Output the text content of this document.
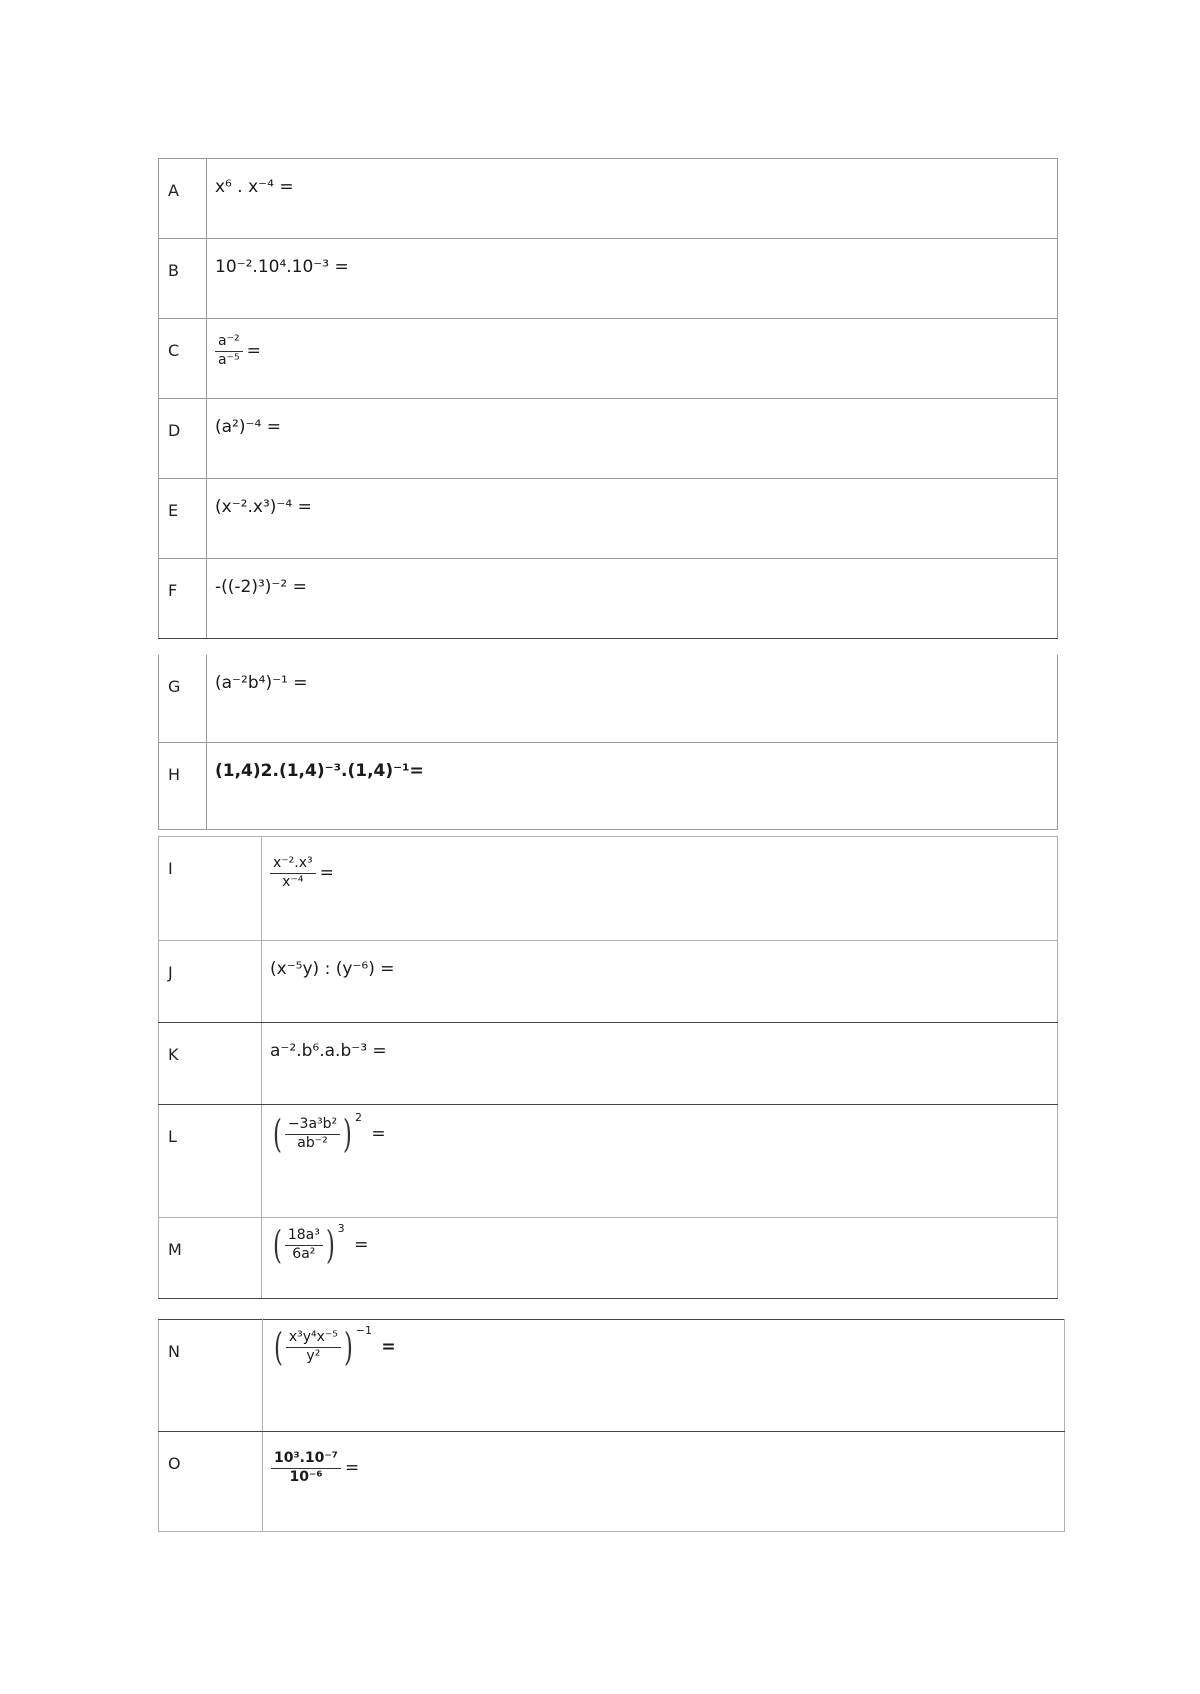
A	x⁶ . x⁻⁴ =
B	10⁻².10⁴.10⁻³ =
C	$\frac{\text{a⁻²}}{\text{a⁻⁵}}$ =
D	(a²)⁻⁴ =
E	(x⁻².x³)⁻⁴ =
F	-((-2)³)⁻² =
G	(a⁻²b⁴)⁻¹ =
H	(1,4)2.(1,4)⁻³.(1,4)⁻¹=
I	$\frac{\text{x⁻².x³}}{\text{x⁻⁴}}$ =
J	(x⁻⁵y) : (y⁻⁶) =
K	a⁻².b⁶.a.b⁻³ =
L	( $\frac{\text{−3a³b²}}{\text{ab⁻²}}$ ) 2 =
M	( $\frac{\text{18a³}}{\text{6a²}}$ ) 3 =
N	( $\frac{\text{x³y⁴x⁻⁵}}{\text{y²}}$ ) −1 =
O	$\frac{\text{10³.10⁻⁷}}{\text{10⁻⁶}}$ =
